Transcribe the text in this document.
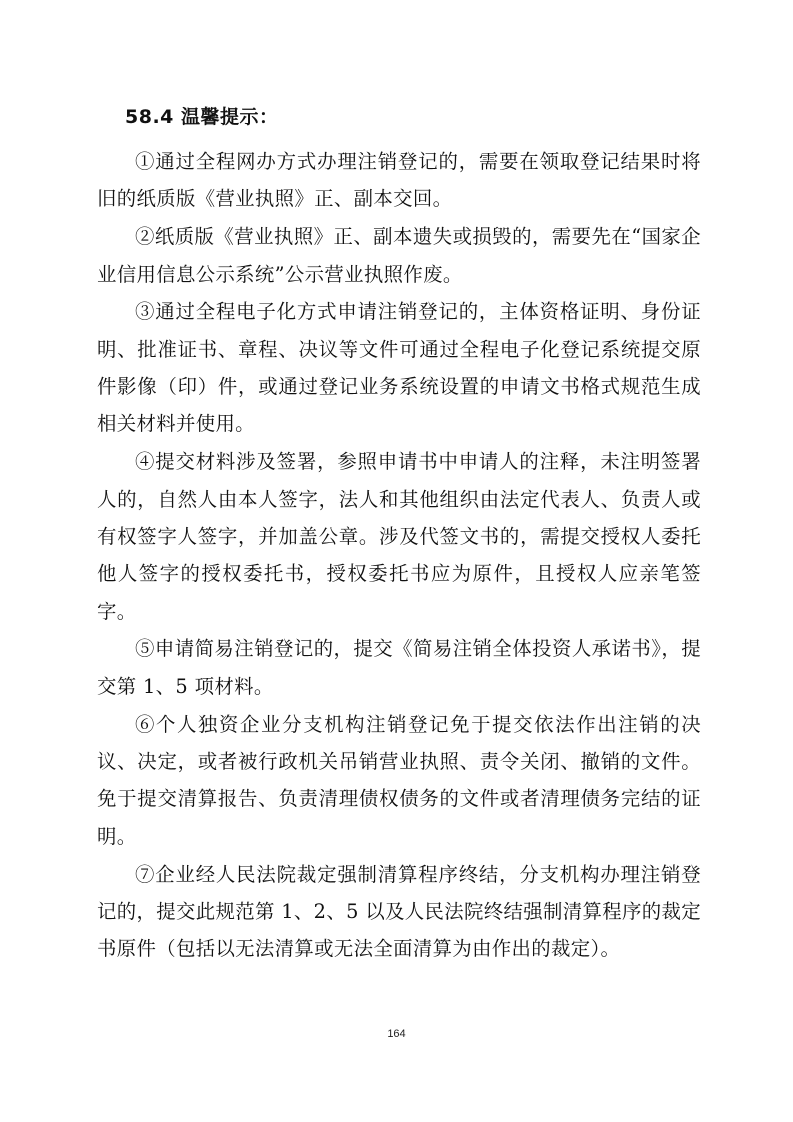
58.4 温馨提示：

①通过全程网办方式办理注销登记的，需要在领取登记结果时将旧的纸质版《营业执照》正、副本交回。

②纸质版《营业执照》正、副本遗失或损毁的，需要先在“国家企业信用信息公示系统”公示营业执照作废。

③通过全程电子化方式申请注销登记的，主体资格证明、身份证明、批准证书、章程、决议等文件可通过全程电子化登记系统提交原件影像（印）件，或通过登记业务系统设置的申请文书格式规范生成相关材料并使用。

④提交材料涉及签署，参照申请书中申请人的注释，未注明签署人的，自然人由本人签字，法人和其他组织由法定代表人、负责人或有权签字人签字，并加盖公章。涉及代签文书的，需提交授权人委托他人签字的授权委托书，授权委托书应为原件，且授权人应亲笔签字。

⑤申请简易注销登记的，提交《简易注销全体投资人承诺书》，提交第 1、5 项材料。

⑥个人独资企业分支机构注销登记免于提交依法作出注销的决议、决定，或者被行政机关吊销营业执照、责令关闭、撤销的文件。免于提交清算报告、负责清理债权债务的文件或者清理债务完结的证明。

⑦企业经人民法院裁定强制清算程序终结，分支机构办理注销登记的，提交此规范第 1、2、5 以及人民法院终结强制清算程序的裁定书原件（包括以无法清算或无法全面清算为由作出的裁定）。

164
